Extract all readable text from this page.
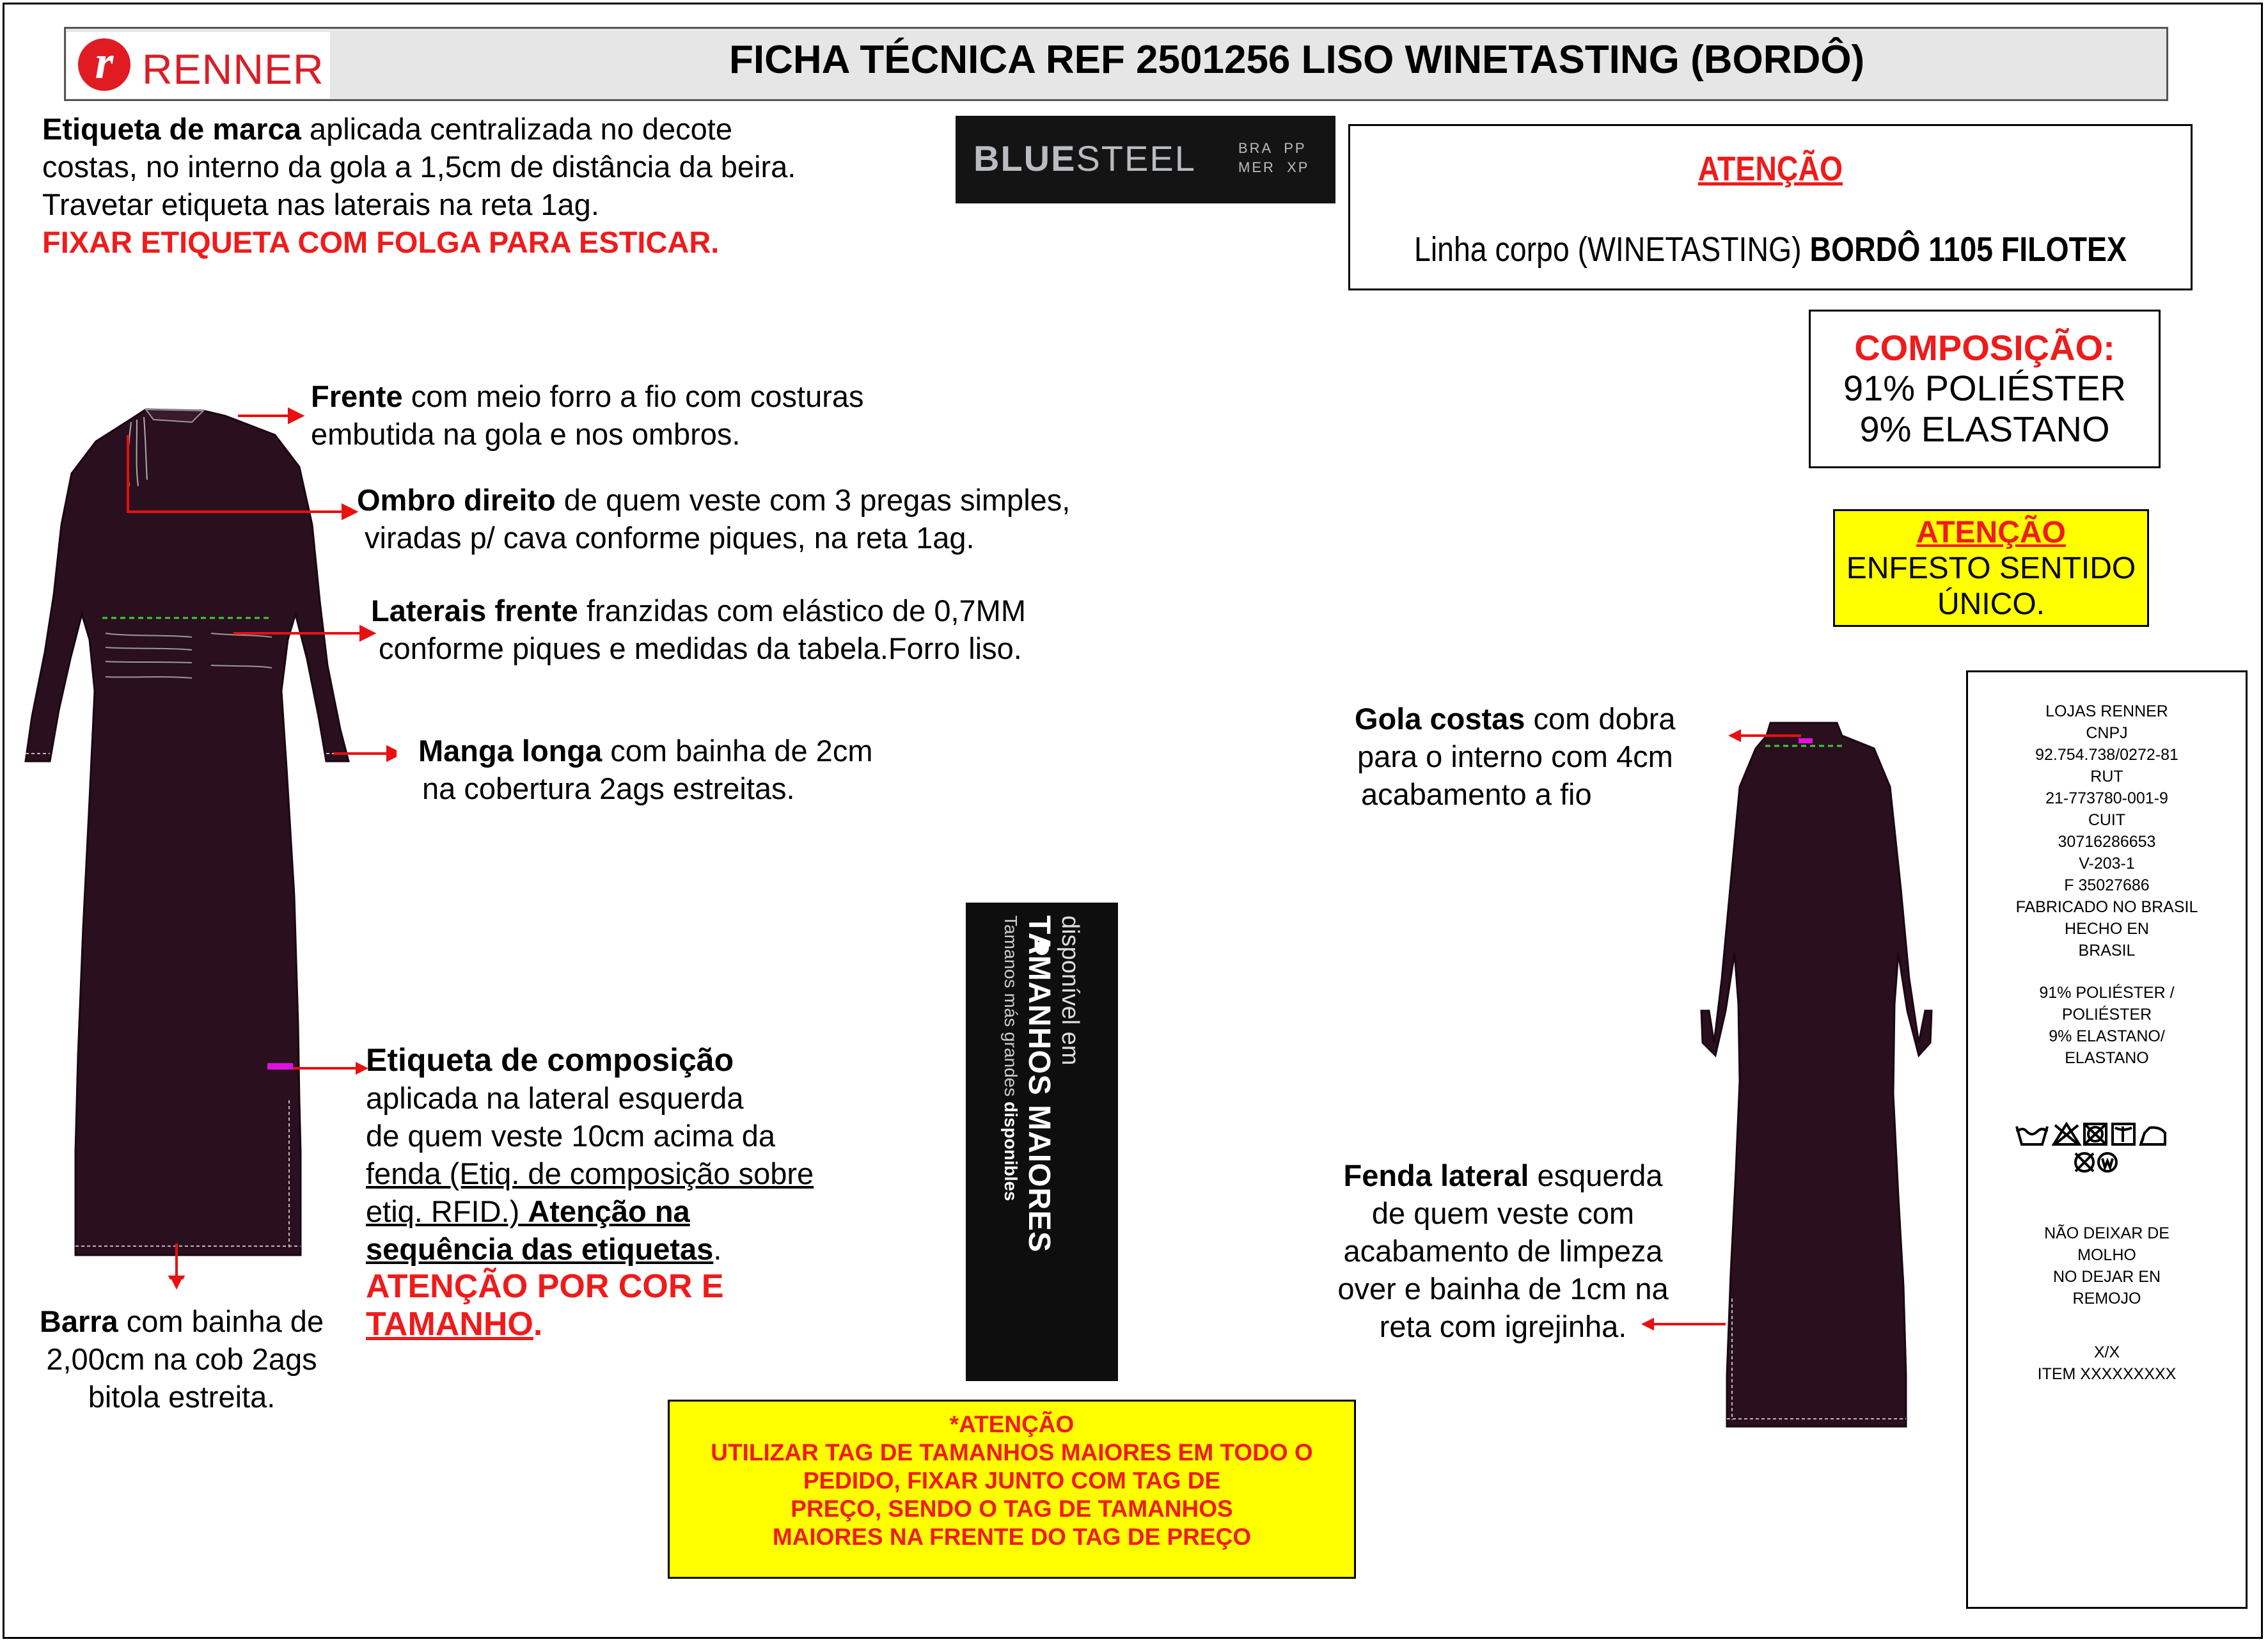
r RENNER	FICHA TÉCNICA REF 2501256 LISO WINETASTING (BORDÔ)
Etiqueta de marca aplicada centralizada no decote
costas, no interno da gola a 1,5cm de distância da beira.
Travetar etiqueta nas laterais na reta 1ag.
FIXAR ETIQUETA COM FOLGA PARA ESTICAR.
BLUESTEEL	BRA  PP
MER  XP	ATENÇÃO
Linha corpo (WINETASTING) BORDÔ 1105 FILOTEX
COMPOSIÇÃO:
91% POLIÉSTER
9% ELASTANO
ATENÇÃO
ENFESTO SENTIDO
ÚNICO.
Frente com meio forro a fio com costuras
embutida na gola e nos ombros.
Ombro direito de quem veste com 3 pregas simples,
viradas p/ cava conforme piques, na reta 1ag.
Laterais frente franzidas com elástico de 0,7MM
conforme piques e medidas da tabela.Forro liso.
Manga longa com bainha de 2cm
na cobertura 2ags estreitas.
Etiqueta de composição
aplicada na lateral esquerda
de quem veste 10cm acima da
fenda (Etiq. de composição sobre
etiq. RFID.) Atenção na
sequência das etiquetas.
ATENÇÃO POR COR E
TAMANHO.
Barra com bainha de
2,00cm na cob 2ags
bitola estreita.
disponível em
TAMANHOS MAIORES
Tamanos más grandes disponibles
*ATENÇÃO
UTILIZAR TAG DE TAMANHOS MAIORES EM TODO O
PEDIDO, FIXAR JUNTO COM TAG DE
PREÇO, SENDO O TAG DE TAMANHOS
MAIORES NA FRENTE DO TAG DE PREÇO
Gola costas com dobra
para o interno com 4cm
acabamento a fio
Fenda lateral esquerda
de quem veste com
acabamento de limpeza
over e bainha de 1cm na
reta com igrejinha.
LOJAS RENNER
CNPJ
92.754.738/0272-81
RUT
21-773780-001-9
CUIT
30716286653
V-203-1
F 35027686
FABRICADO NO BRASIL
HECHO EN
BRASIL
91% POLIÉSTER /
POLIÉSTER
9% ELASTANO/
ELASTANO
NÃO DEIXAR DE
MOLHO
NO DEJAR EN
REMOJO
X/X
ITEM XXXXXXXXX
